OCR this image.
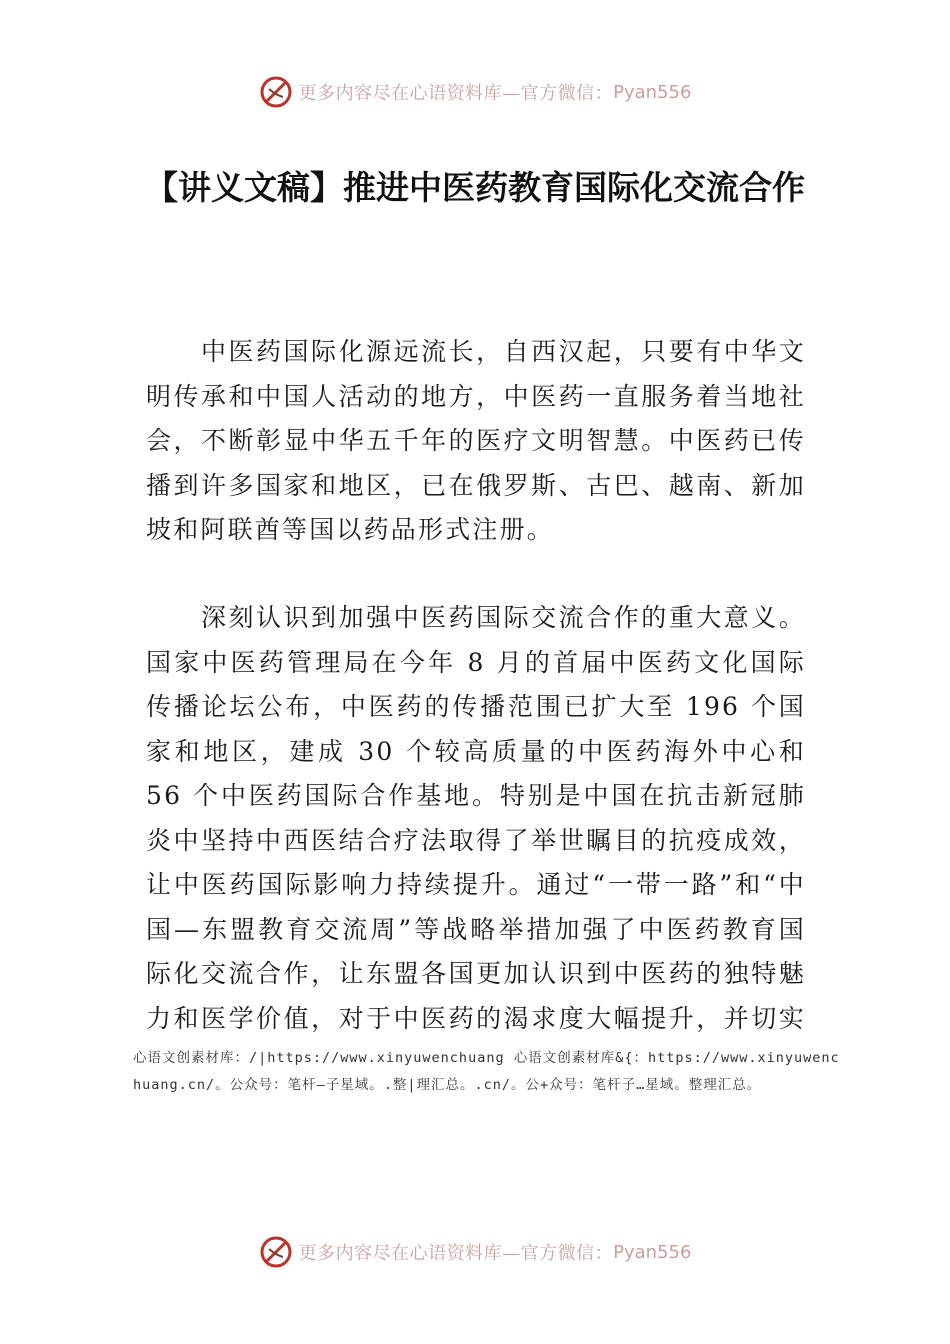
更多内容尽在心语资料库—官方微信： Pyan556
【讲义文稿】推进中医药教育国际化交流合作
中医药国际化源远流长，自西汉起，只要有中华文明传承和中国人活动的地方，中医药一直服务着当地社会，不断彰显中华五千年的医疗文明智慧。中医药已传播到许多国家和地区，已在俄罗斯、古巴、越南、新加坡和阿联酋等国以药品形式注册。
深刻认识到加强中医药国际交流合作的重大意义。国家中医药管理局在今年 8 月的首届中医药文化国际传播论坛公布，中医药的传播范围已扩大至 196 个国家和地区，建成 30 个较高质量的中医药海外中心和 56 个中医药国际合作基地。特别是中国在抗击新冠肺炎中坚持中西医结合疗法取得了举世瞩目的抗疫成效，让中医药国际影响力持续提升。通过“一带一路”和“中国—东盟教育交流周”等战略举措加强了中医药教育国际化交流合作，让东盟各国更加认识到中医药的独特魅力和医学价值，对于中医药的渴求度大幅提升，并切实
心语文创素材库：/|https://www.xinyuwenchuang 心语文创素材库&{：https://www.xinyuwenchuang.cn/。公众号：笔杆—子星域。.整|理汇总。.cn/。公+众号：笔杆子…星域。整理汇总。
更多内容尽在心语资料库—官方微信： Pyan556
